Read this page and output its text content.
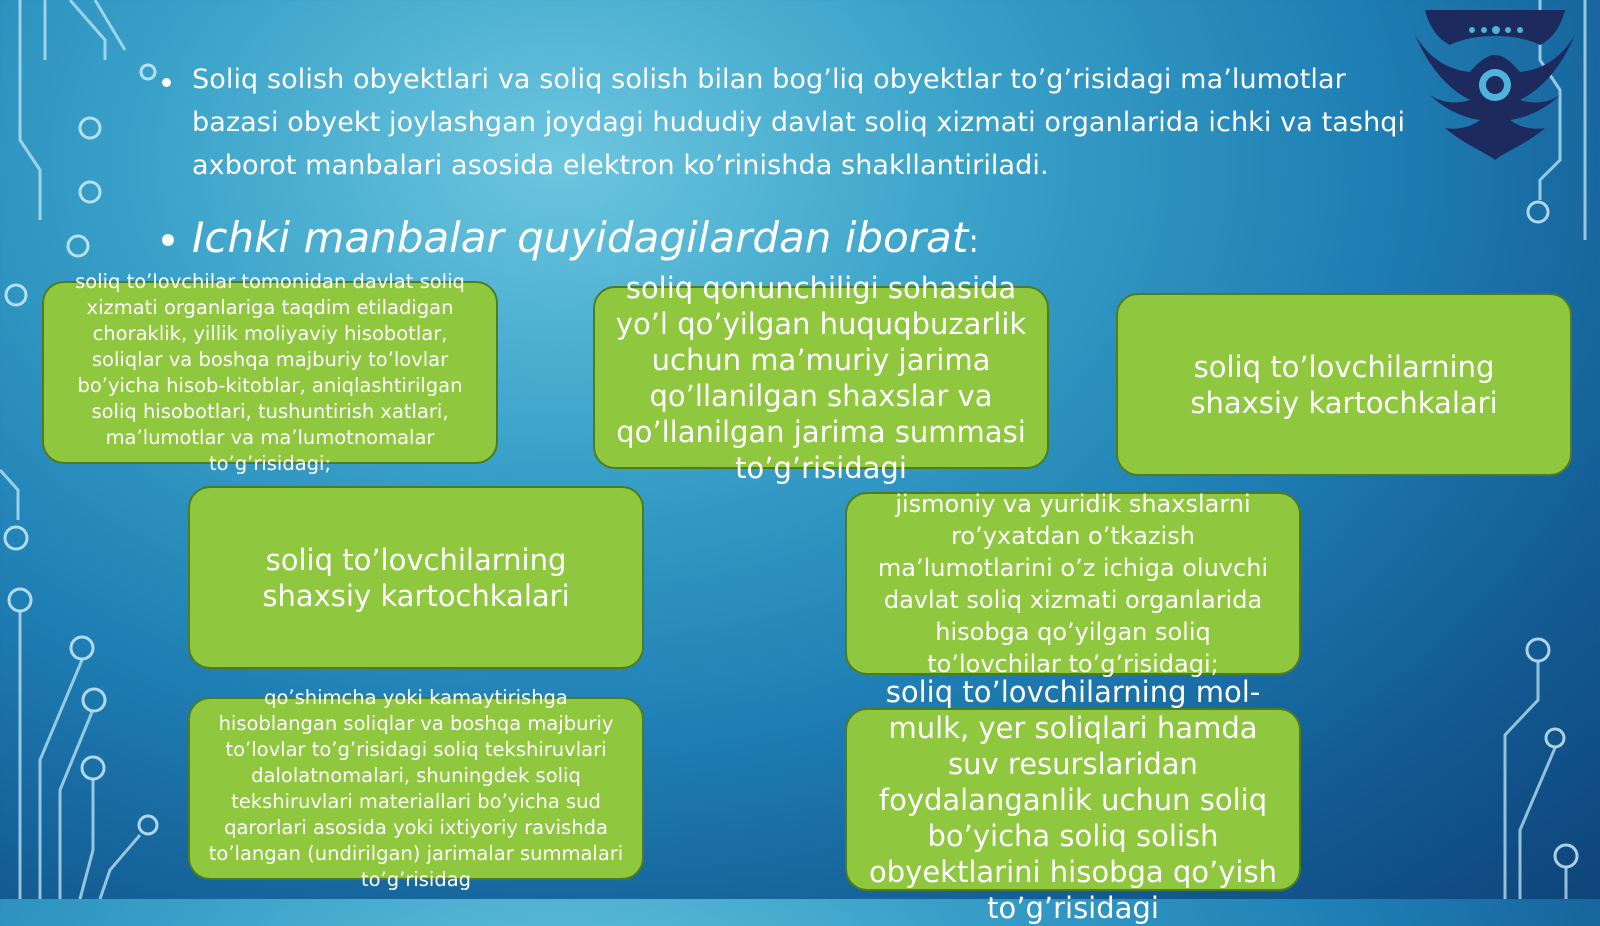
Soliq solish obyektlari va soliq solish bilan bog’liq obyektlar to’g’risidagi ma’lumotlar bazasi obyekt joylashgan joydagi hududiy davlat soliq xizmati organlarida ichki va tashqi axborot manbalari asosida elektron ko’rinishda shakllantiriladi.
Ichki manbalar quyidagilardan iborat:
soliq to’lovchilar tomonidan davlat soliq xizmati organlariga taqdim etiladigan choraklik, yillik moliyaviy hisobotlar, soliqlar va boshqa majburiy to’lovlar bo’yicha hisob-kitoblar, aniqlashtirilgan soliq hisobotlari, tushuntirish xatlari, ma’lumotlar va ma’lumotnomalar to’g’risidagi;
soliq qonunchiligi sohasida yo’l qo’yilgan huquqbuzarlik uchun ma’muriy jarima qo’llanilgan shaxslar va qo’llanilgan jarima summasi to’g’risidagi
soliq to’lovchilarning shaxsiy kartochkalari
soliq to’lovchilarning shaxsiy kartochkalari
jismoniy va yuridik shaxslarni ro’yxatdan o’tkazish ma’lumotlarini o’z ichiga oluvchi davlat soliq xizmati organlarida hisobga qo’yilgan soliq to’lovchilar to’g’risidagi;
qo’shimcha yoki kamaytirishga hisoblangan soliqlar va boshqa majburiy to’lovlar to’g’risidagi soliq tekshiruvlari dalolatnomalari, shuningdek soliq tekshiruvlari materiallari bo’yicha sud qarorlari asosida yoki ixtiyoriy ravishda to’langan (undirilgan) jarimalar summalari to’g’risidag
soliq to’lovchilarning mol-mulk, yer soliqlari hamda suv resurslaridan foydalanganlik uchun soliq bo’yicha soliq solish obyektlarini hisobga qo’yish to’g’risidagi
